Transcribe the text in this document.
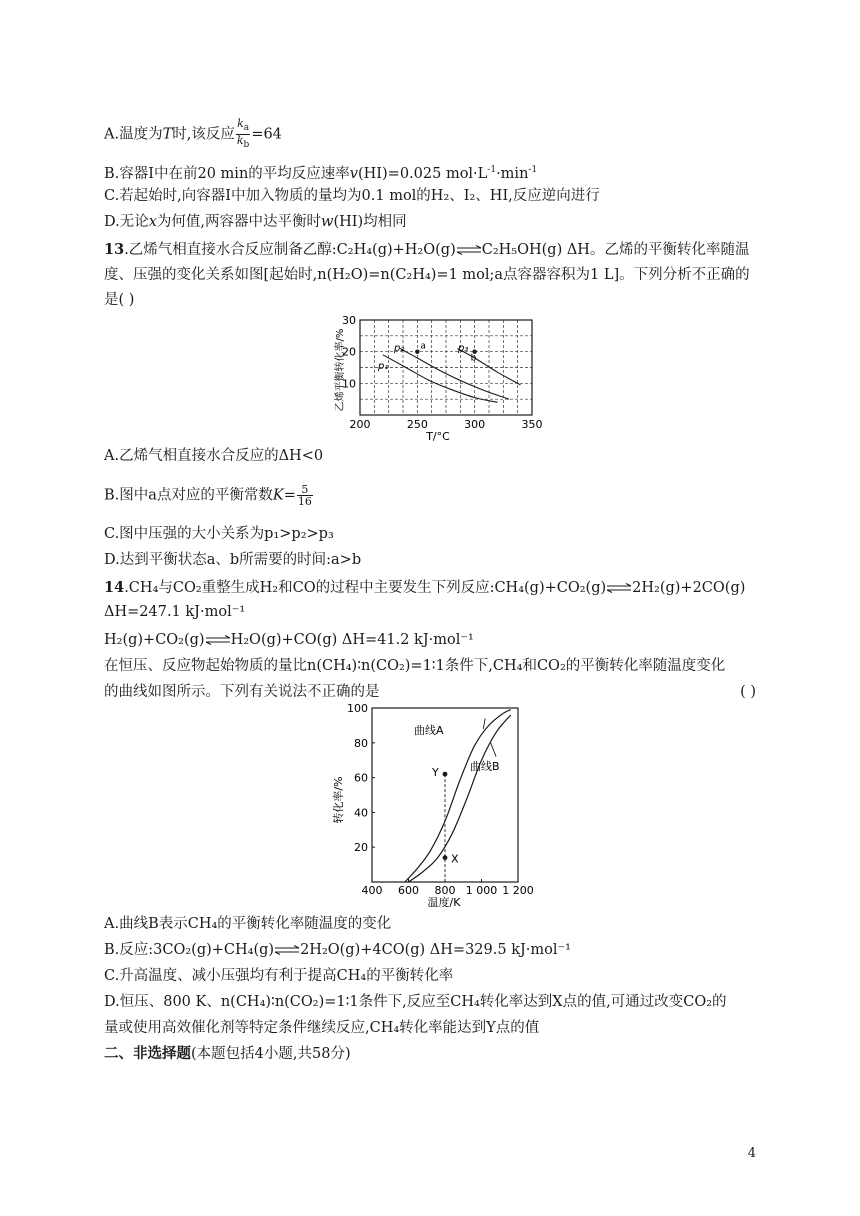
A.温度为T时,该反应 $\frac{k_a}{k_b} =64$
B.容器Ⅰ中在前20 min的平均反应速率v(HI)=0.025 $mol\cdot L^{-1}\cdot\min^{-1}$
C.若起始时,向容器Ⅰ中加入物质的量均为0.1 mol的H₂、I₂、HI,反应逆向进行
D.无论x为何值,两容器中达平衡时w(HI)均相同
13.乙烯气相直接水合反应制备乙醇:C₂H₄(g)+H₂O(g)⇌C₂H₅OH(g) ΔH。乙烯的平衡转化率随温
度、压强的变化关系如图[起始时,n(H₂O)=n(C₂H₄)=1 mol;a点容器容积为1 L]。下列分析不正确的
是( )
a
b
200	250	300	350
10
20
30
T/°C
乙烯平衡转化率/%	p₂
p₁
p₃
A.乙烯气相直接水合反应的ΔH<0
B.图中a点对应的平衡常数$K= \frac{5}{16}$
C.图中压强的大小关系为p₁>p₂>p₃
D.达到平衡状态a、b所需要的时间:a>b
14.CH₄与CO₂重整生成H₂和CO的过程中主要发生下列反应:CH₄(g)+CO₂(g)⇌2H₂(g)+2CO(g)
ΔH=247.1 kJ·mol⁻¹
H₂(g)+CO₂(g)⇌H₂O(g)+CO(g) ΔH=41.2 kJ·mol⁻¹
在恒压、反应物起始物质的量比n(CH₄)∶n(CO₂)=1∶1条件下,CH₄和CO₂的平衡转化率随温度变化
的曲线如图所示。下列有关说法不正确的是	( )
Y
X
400 600 800 1 000 1 200
20
40
60
80
100
温度/K
转化率/%
曲线A
曲线B
A.曲线B表示CH₄的平衡转化率随温度的变化
B.反应:3CO₂(g)+CH₄(g)⇌2H₂O(g)+4CO(g) ΔH=329.5 kJ·mol⁻¹
C.升高温度、减小压强均有利于提高CH₄的平衡转化率
D.恒压、800 K、n(CH₄)∶n(CO₂)=1∶1条件下,反应至CH₄转化率达到X点的值,可通过改变CO₂的
量或使用高效催化剂等特定条件继续反应,CH₄转化率能达到Y点的值
二、非选择题(本题包括4小题,共58分)
4
